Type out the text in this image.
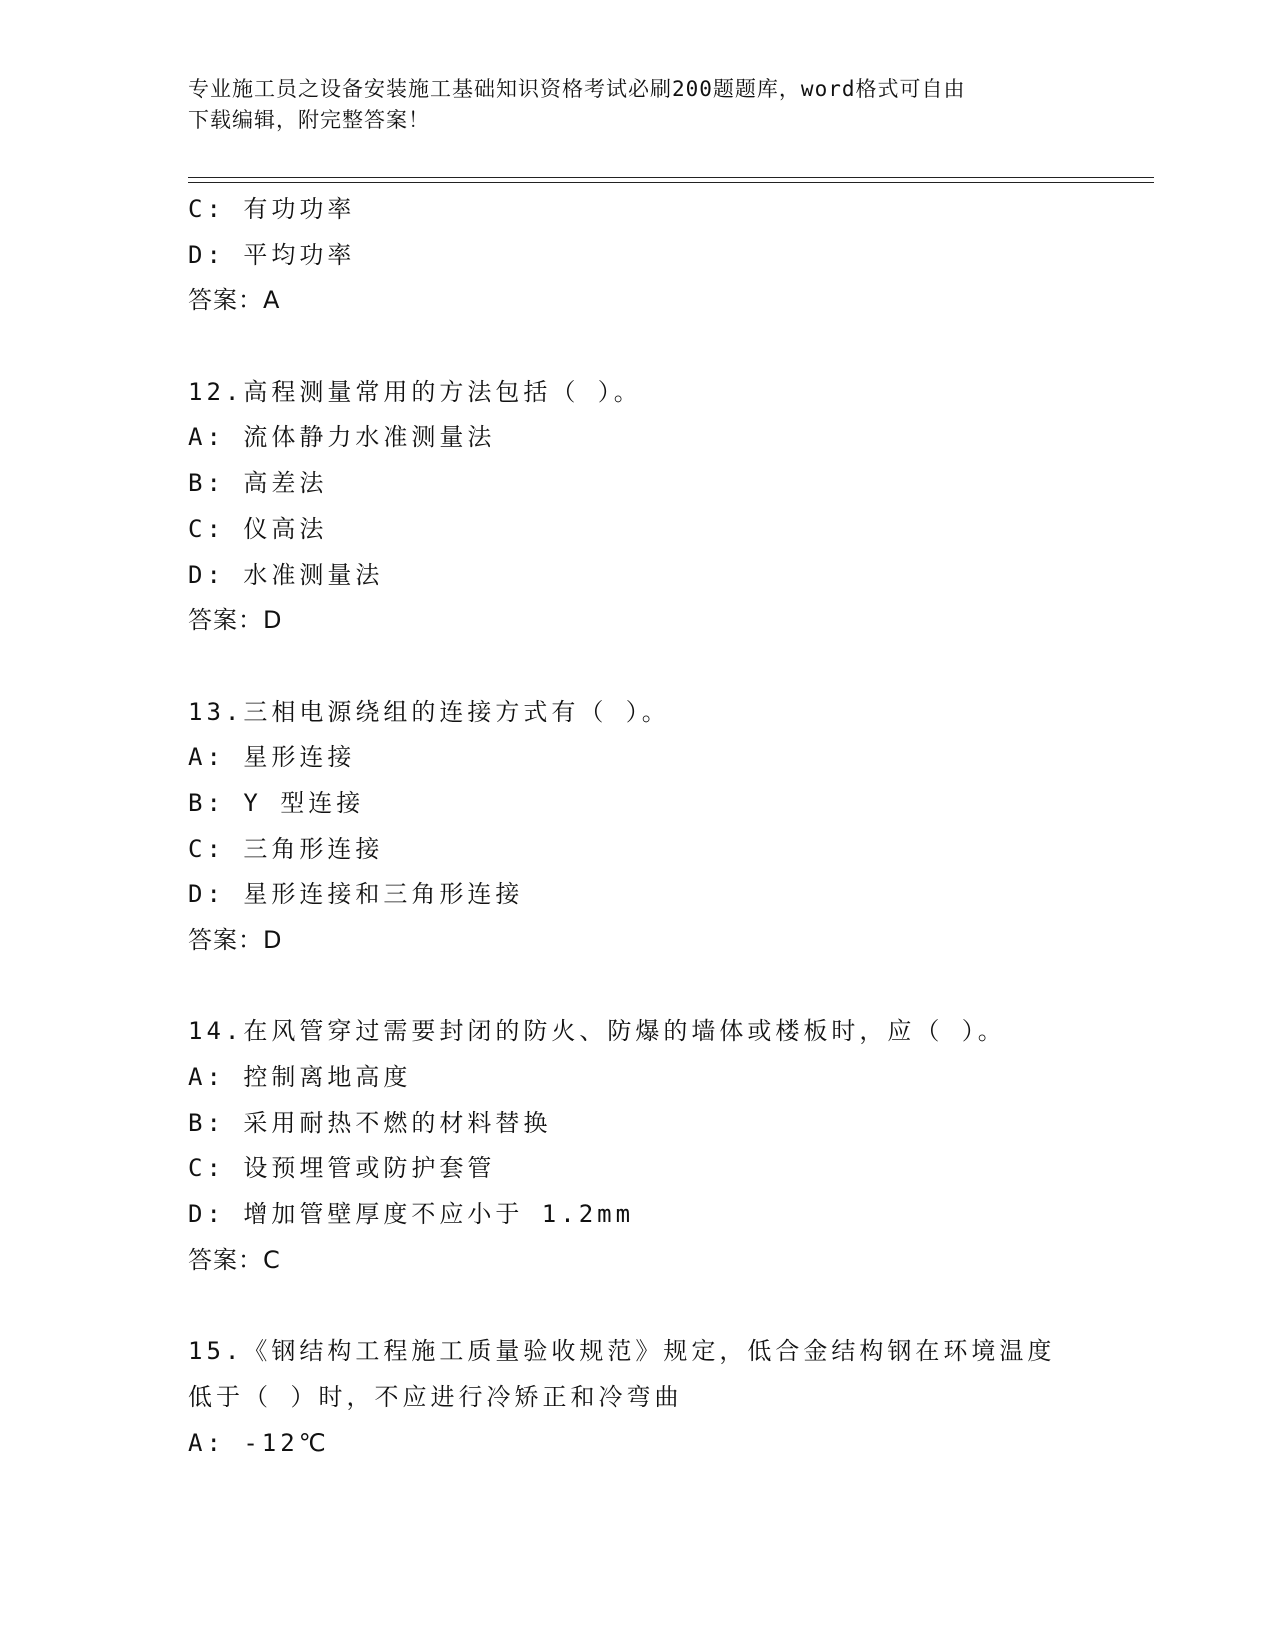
专业施工员之设备安装施工基础知识资格考试必刷200题题库，word格式可自由
下载编辑，附完整答案！
C: 有功功率
D: 平均功率
答案：A
12.高程测量常用的方法包括（ ）。
A: 流体静力水准测量法
B: 高差法
C: 仪高法
D: 水准测量法
答案：D
13.三相电源绕组的连接方式有（ ）。
A: 星形连接
B: Y 型连接
C: 三角形连接
D: 星形连接和三角形连接
答案：D
14.在风管穿过需要封闭的防火、防爆的墙体或楼板时，应（ ）。
A: 控制离地高度
B: 采用耐热不燃的材料替换
C: 设预埋管或防护套管
D: 增加管壁厚度不应小于 1.2mm
答案：C
15.《钢结构工程施工质量验收规范》规定，低合金结构钢在环境温度
低于（ ）时，不应进行冷矫正和冷弯曲
A: -12℃
